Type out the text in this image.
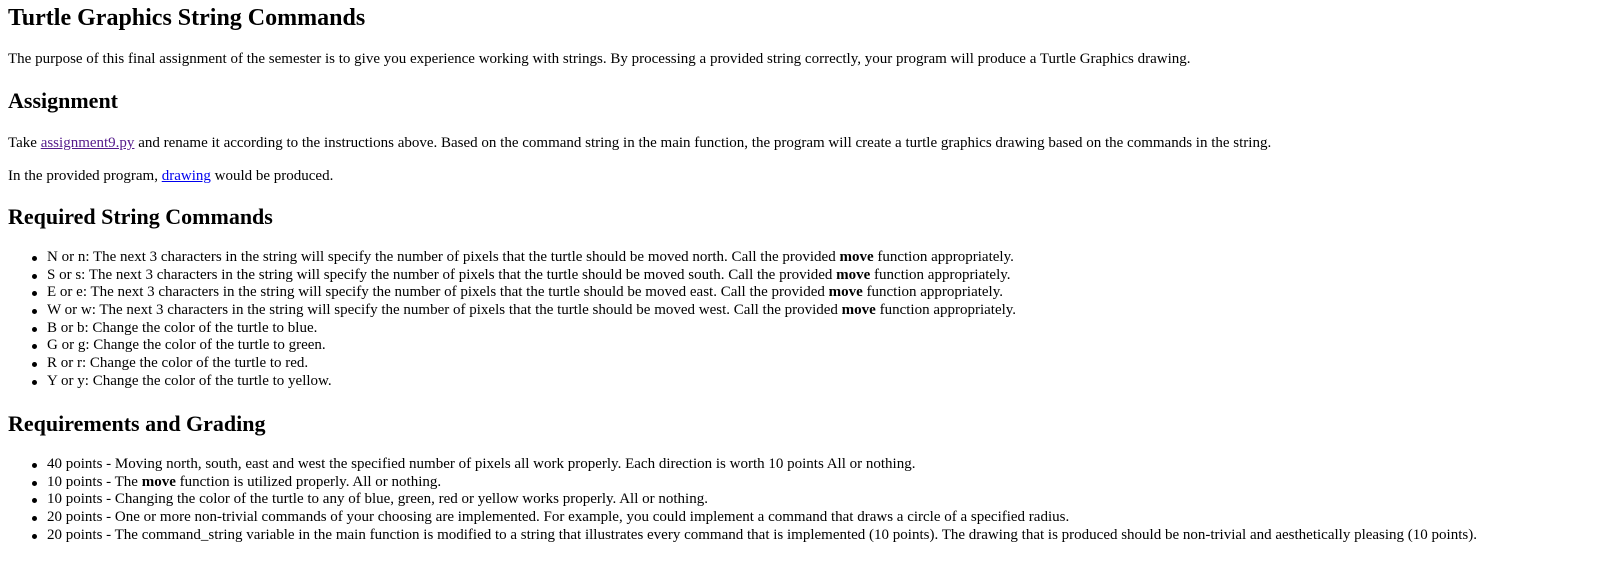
Turtle Graphics String Commands

The purpose of this final assignment of the semester is to give you experience working with strings. By processing a provided string correctly, your program will produce a Turtle Graphics drawing.

Assignment

Take assignment9.py and rename it according to the instructions above. Based on the command string in the main function, the program will create a turtle graphics drawing based on the commands in the string.

In the provided program, drawing would be produced.

Required String Commands
N or n: The next 3 characters in the string will specify the number of pixels that the turtle should be moved north. Call the provided move function appropriately.
S or s: The next 3 characters in the string will specify the number of pixels that the turtle should be moved south. Call the provided move function appropriately.
E or e: The next 3 characters in the string will specify the number of pixels that the turtle should be moved east. Call the provided move function appropriately.
W or w: The next 3 characters in the string will specify the number of pixels that the turtle should be moved west. Call the provided move function appropriately.
B or b: Change the color of the turtle to blue.
G or g: Change the color of the turtle to green.
R or r: Change the color of the turtle to red.
Y or y: Change the color of the turtle to yellow.
Requirements and Grading
40 points - Moving north, south, east and west the specified number of pixels all work properly. Each direction is worth 10 points All or nothing.
10 points - The move function is utilized properly. All or nothing.
10 points - Changing the color of the turtle to any of blue, green, red or yellow works properly. All or nothing.
20 points - One or more non-trivial commands of your choosing are implemented. For example, you could implement a command that draws a circle of a specified radius.
20 points - The command_string variable in the main function is modified to a string that illustrates every command that is implemented (10 points). The drawing that is produced should be non-trivial and aesthetically pleasing (10 points).
